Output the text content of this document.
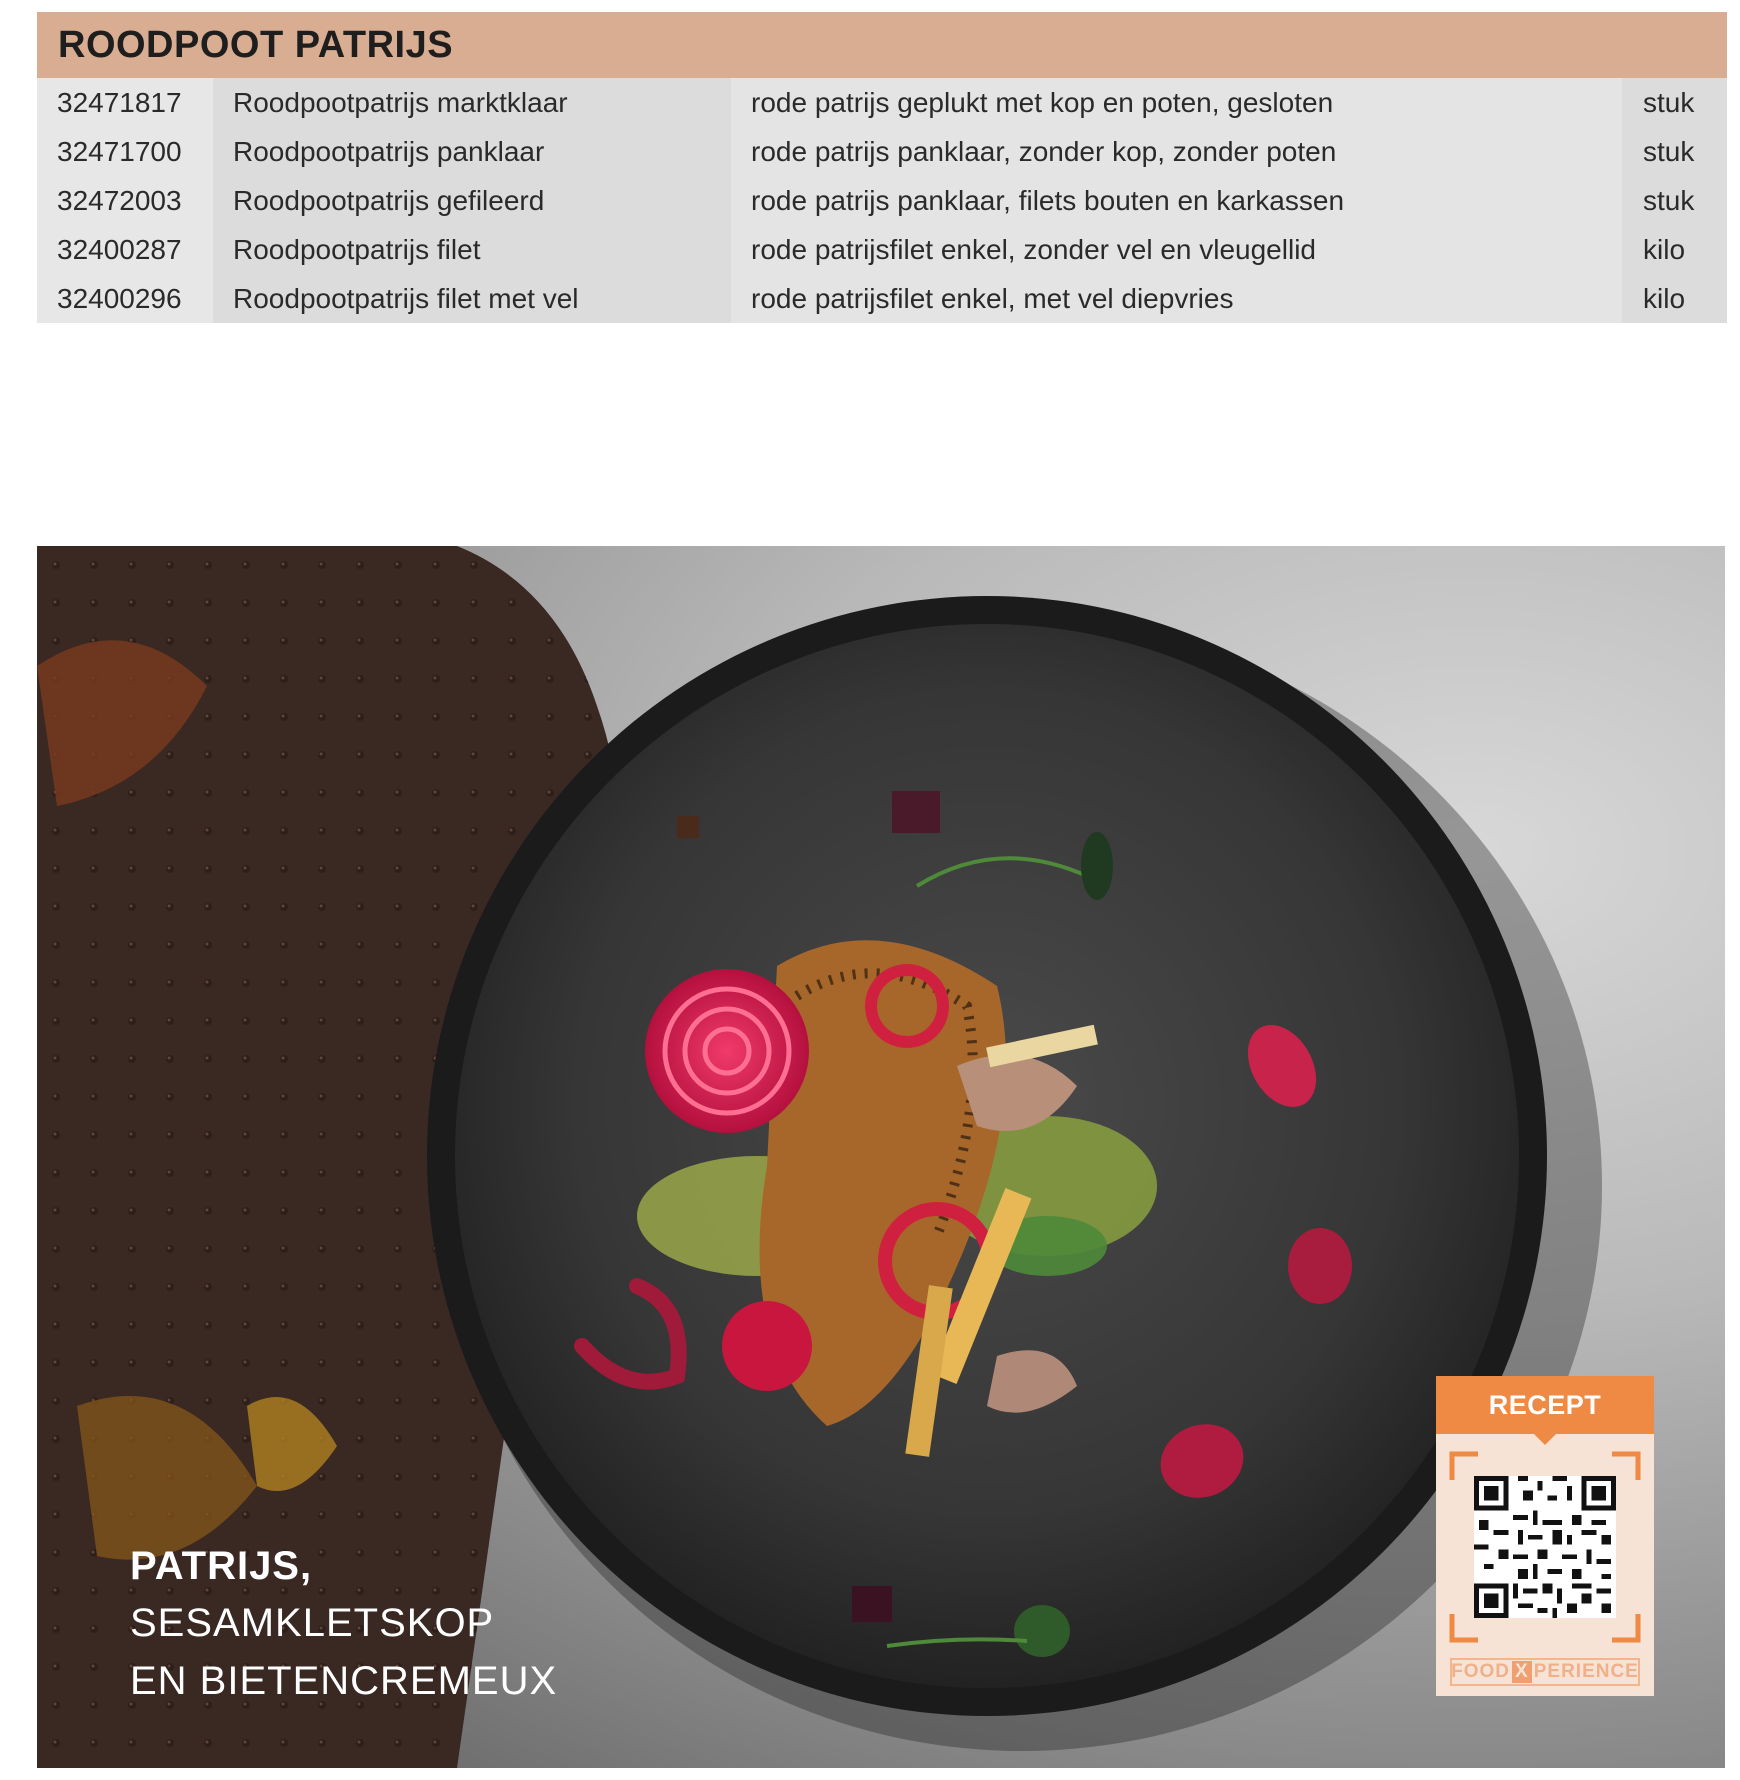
ROODPOOT PATRIJS
32471817	Roodpootpatrijs marktklaar	rode patrijs geplukt met kop en poten, gesloten	stuk
32471700	Roodpootpatrijs panklaar	rode patrijs panklaar, zonder kop, zonder poten	stuk
32472003	Roodpootpatrijs gefileerd	rode patrijs panklaar, filets bouten en karkassen	stuk
32400287	Roodpootpatrijs filet	rode patrijsfilet enkel, zonder vel en vleugellid	kilo
32400296	Roodpootpatrijs filet met vel	rode patrijsfilet enkel, met vel diepvries	kilo
PATRIJS,
SESAMKLETSKOP
EN BIETENCREMEUX
RECEPT
FOOD X PERIENCE
